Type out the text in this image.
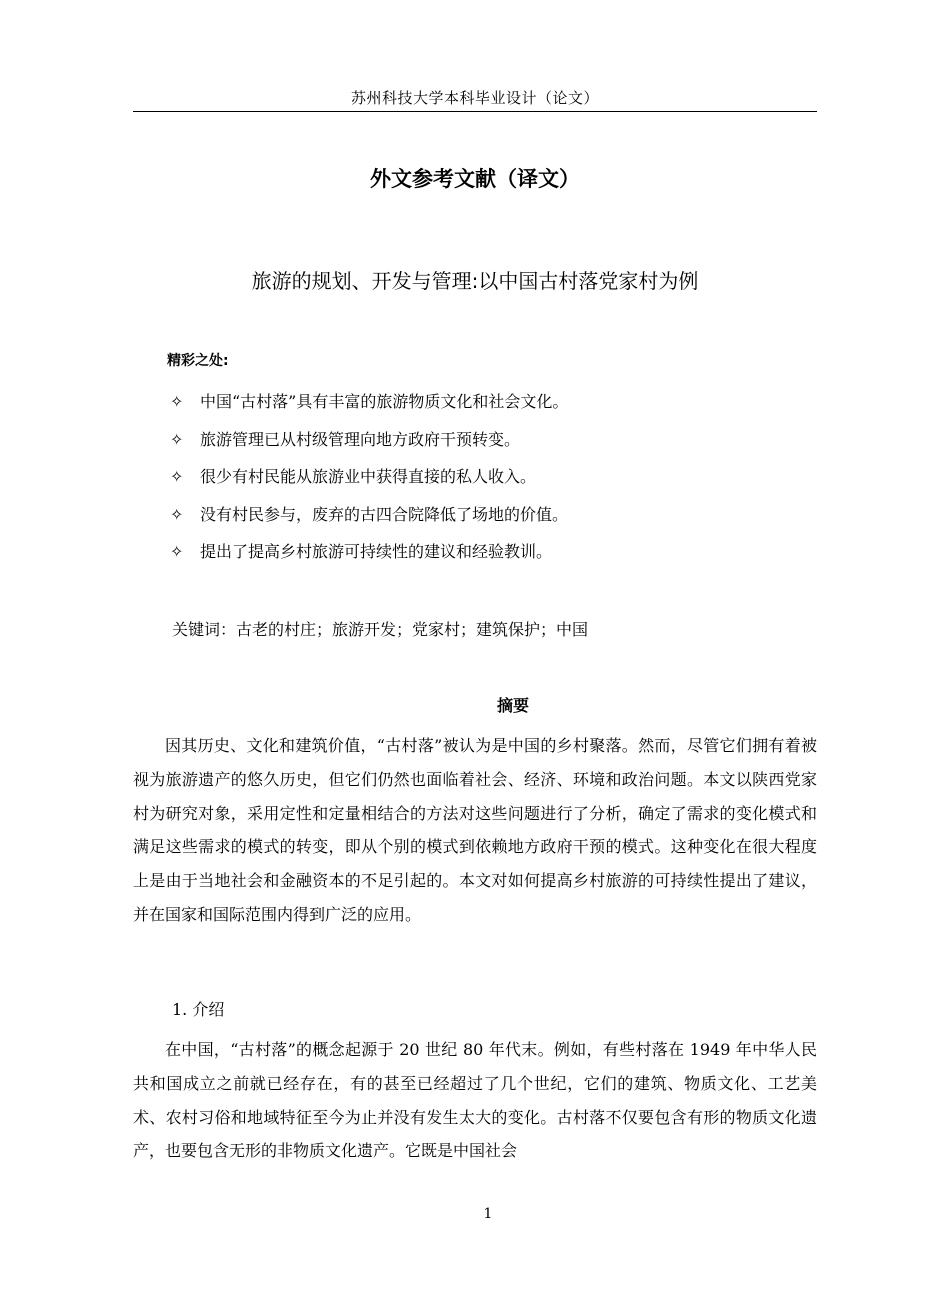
苏州科技大学本科毕业设计（论文）
外文参考文献（译文）
旅游的规划、开发与管理:以中国古村落党家村为例
精彩之处:
✧ 中国“古村落”具有丰富的旅游物质文化和社会文化。
✧ 旅游管理已从村级管理向地方政府干预转变。
✧ 很少有村民能从旅游业中获得直接的私人收入。
✧ 没有村民参与，废弃的古四合院降低了场地的价值。
✧ 提出了提高乡村旅游可持续性的建议和经验教训。
关键词：古老的村庄；旅游开发；党家村；建筑保护；中国
摘要

因其历史、文化和建筑价值，“古村落”被认为是中国的乡村聚落。然而，尽管它们拥有着被视为旅游遗产的悠久历史，但它们仍然也面临着社会、经济、环境和政治问题。本文以陕西党家村为研究对象，采用定性和定量相结合的方法对这些问题进行了分析，确定了需求的变化模式和满足这些需求的模式的转变，即从个别的模式到依赖地方政府干预的模式。这种变化在很大程度上是由于当地社会和金融资本的不足引起的。本文对如何提高乡村旅游的可持续性提出了建议，并在国家和国际范围内得到广泛的应用。

1. 介绍

在中国，“古村落”的概念起源于 20 世纪 80 年代末。例如，有些村落在 1949 年中华人民共和国成立之前就已经存在，有的甚至已经超过了几个世纪，它们的建筑、物质文化、工艺美术、农村习俗和地域特征至今为止并没有发生太大的变化。古村落不仅要包含有形的物质文化遗产，也要包含无形的非物质文化遗产。它既是中国社会

1
